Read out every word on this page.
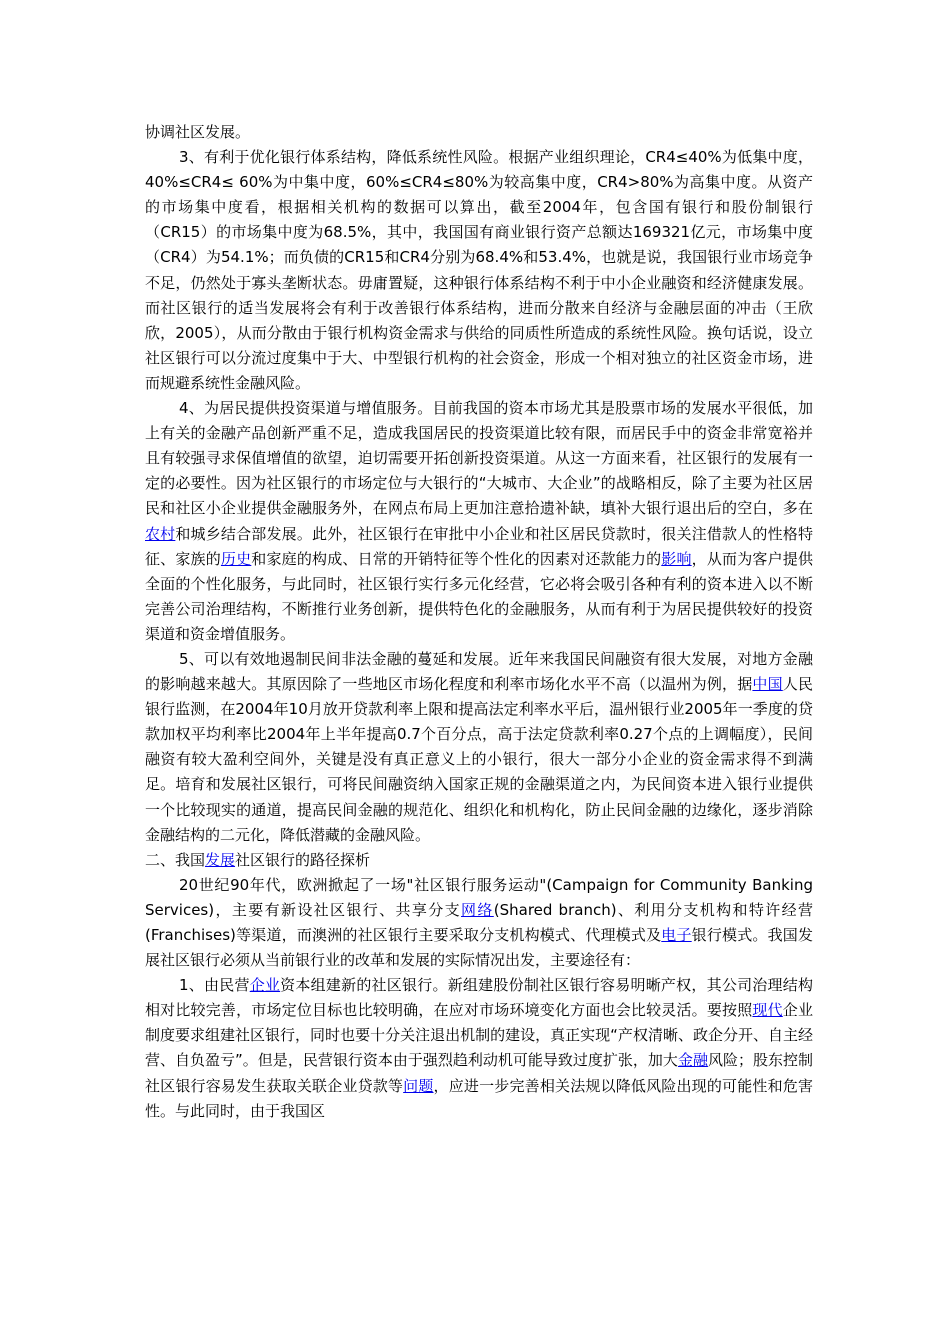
协调社区发展。

3、有利于优化银行体系结构，降低系统性风险。根据产业组织理论，CR4≤40%为低集中度，40%≤CR4≤ 60%为中集中度，60%≤CR4≤80%为较高集中度，CR4>80%为高集中度。从资产的市场集中度看，根据相关机构的数据可以算出，截至2004年，包含国有银行和股份制银行（CR15）的市场集中度为68.5%，其中，我国国有商业银行资产总额达169321亿元，市场集中度（CR4）为54.1%；而负债的CR15和CR4分别为68.4%和53.4%，也就是说，我国银行业市场竞争不足，仍然处于寡头垄断状态。毋庸置疑，这种银行体系结构不利于中小企业融资和经济健康发展。而社区银行的适当发展将会有利于改善银行体系结构，进而分散来自经济与金融层面的冲击（王欣欣，2005），从而分散由于银行机构资金需求与供给的同质性所造成的系统性风险。换句话说，设立社区银行可以分流过度集中于大、中型银行机构的社会资金，形成一个相对独立的社区资金市场，进而规避系统性金融风险。

4、为居民提供投资渠道与增值服务。目前我国的资本市场尤其是股票市场的发展水平很低，加上有关的金融产品创新严重不足，造成我国居民的投资渠道比较有限，而居民手中的资金非常宽裕并且有较强寻求保值增值的欲望，迫切需要开拓创新投资渠道。从这一方面来看，社区银行的发展有一定的必要性。因为社区银行的市场定位与大银行的“大城市、大企业”的战略相反，除了主要为社区居民和社区小企业提供金融服务外，在网点布局上更加注意拾遗补缺，填补大银行退出后的空白，多在农村和城乡结合部发展。此外，社区银行在审批中小企业和社区居民贷款时，很关注借款人的性格特征、家族的历史和家庭的构成、日常的开销特征等个性化的因素对还款能力的影响，从而为客户提供全面的个性化服务，与此同时，社区银行实行多元化经营，它必将会吸引各种有利的资本进入以不断完善公司治理结构，不断推行业务创新，提供特色化的金融服务，从而有利于为居民提供较好的投资渠道和资金增值服务。

5、可以有效地遏制民间非法金融的蔓延和发展。近年来我国民间融资有很大发展，对地方金融的影响越来越大。其原因除了一些地区市场化程度和利率市场化水平不高（以温州为例，据中国人民银行监测，在2004年10月放开贷款利率上限和提高法定利率水平后，温州银行业2005年一季度的贷款加权平均利率比2004年上半年提高0.7个百分点，高于法定贷款利率0.27个点的上调幅度），民间融资有较大盈利空间外，关键是没有真正意义上的小银行，很大一部分小企业的资金需求得不到满足。培育和发展社区银行，可将民间融资纳入国家正规的金融渠道之内，为民间资本进入银行业提供一个比较现实的通道，提高民间金融的规范化、组织化和机构化，防止民间金融的边缘化，逐步消除金融结构的二元化，降低潜藏的金融风险。

二、我国发展社区银行的路径探析

20世纪90年代，欧洲掀起了一场"社区银行服务运动"(Campaign for Community Banking Services)，主要有新设社区银行、共享分支网络(Shared branch)、利用分支机构和特许经营(Franchises)等渠道，而澳洲的社区银行主要采取分支机构模式、代理模式及电子银行模式。我国发展社区银行必须从当前银行业的改革和发展的实际情况出发，主要途径有：

1、由民营企业资本组建新的社区银行。新组建股份制社区银行容易明晰产权，其公司治理结构相对比较完善，市场定位目标也比较明确，在应对市场环境变化方面也会比较灵活。要按照现代企业制度要求组建社区银行，同时也要十分关注退出机制的建设，真正实现“产权清晰、政企分开、自主经营、自负盈亏”。但是，民营银行资本由于强烈趋利动机可能导致过度扩张，加大金融风险；股东控制社区银行容易发生获取关联企业贷款等问题，应进一步完善相关法规以降低风险出现的可能性和危害性。与此同时，由于我国区
